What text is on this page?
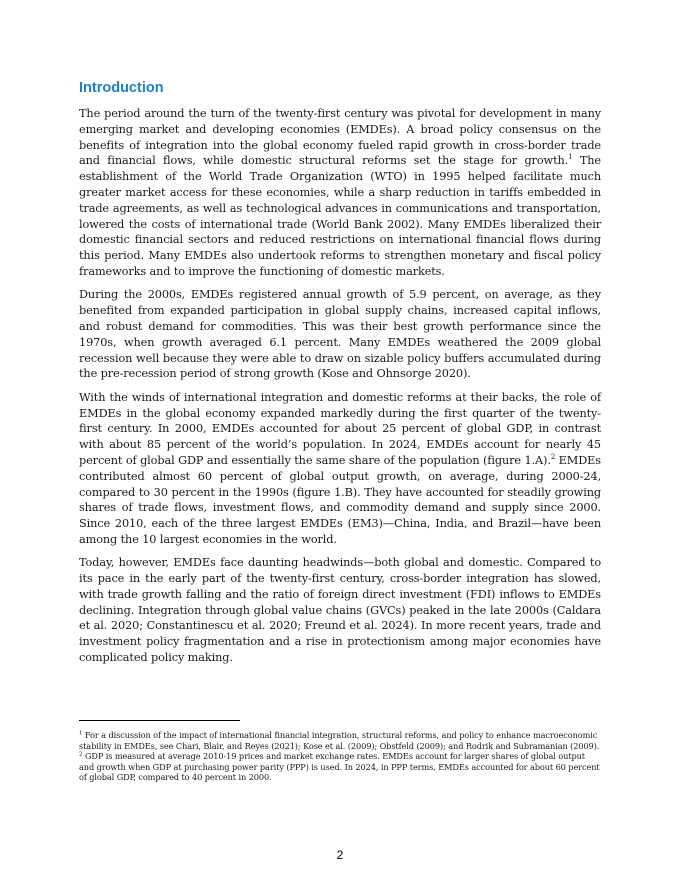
Introduction

The period around the turn of the twenty-first century was pivotal for development in many emerging market and developing economies (EMDEs). A broad policy consensus on the benefits of integration into the global economy fueled rapid growth in cross-border trade and financial flows, while domestic structural reforms set the stage for growth.$^1$ The establishment of the World Trade Organization (WTO) in 1995 helped facilitate much greater market access for these economies, while a sharp reduction in tariffs embedded in trade agreements, as well as technological advances in communications and transportation, lowered the costs of international trade (World Bank 2002). Many EMDEs liberalized their domestic financial sectors and reduced restrictions on international financial flows during this period. Many EMDEs also undertook reforms to strengthen monetary and fiscal policy frameworks and to improve the functioning of domestic markets.

During the 2000s, EMDEs registered annual growth of 5.9 percent, on average, as they benefited from expanded participation in global supply chains, increased capital inflows, and robust demand for commodities. This was their best growth performance since the 1970s, when growth averaged 6.1 percent. Many EMDEs weathered the 2009 global recession well because they were able to draw on sizable policy buffers accumulated during the pre-recession period of strong growth (Kose and Ohnsorge 2020).

With the winds of international integration and domestic reforms at their backs, the role of EMDEs in the global economy expanded markedly during the first quarter of the twenty-first century. In 2000, EMDEs accounted for about 25 percent of global GDP, in contrast with about 85 percent of the world’s population. In 2024, EMDEs account for nearly 45 percent of global GDP and essentially the same share of the population (figure 1.A).$^2$ EMDEs contributed almost 60 percent of global output growth, on average, during 2000-24, compared to 30 percent in the 1990s (figure 1.B). They have accounted for steadily growing shares of trade flows, investment flows, and commodity demand and supply since 2000. Since 2010, each of the three largest EMDEs (EM3)—China, India, and Brazil—have been among the 10 largest economies in the world.

Today, however, EMDEs face daunting headwinds—both global and domestic. Compared to its pace in the early part of the twenty-first century, cross-border integration has slowed, with trade growth falling and the ratio of foreign direct investment (FDI) inflows to EMDEs declining. Integration through global value chains (GVCs) peaked in the late 2000s (Caldara et al. 2020; Constantinescu et al. 2020; Freund et al. 2024). In more recent years, trade and investment policy fragmentation and a rise in protectionism among major economies have complicated policy making.

$^1$ For a discussion of the impact of international financial integration, structural reforms, and policy to enhance macroeconomic stability in EMDEs, see Chari, Blair, and Reyes (2021); Kose et al. (2009); Obstfeld (2009); and Rodrik and Subramanian (2009).

$^2$ GDP is measured at average 2010-19 prices and market exchange rates. EMDEs account for larger shares of global output and growth when GDP at purchasing power parity (PPP) is used. In 2024, in PPP terms, EMDEs accounted for about 60 percent of global GDP, compared to 40 percent in 2000.

2
